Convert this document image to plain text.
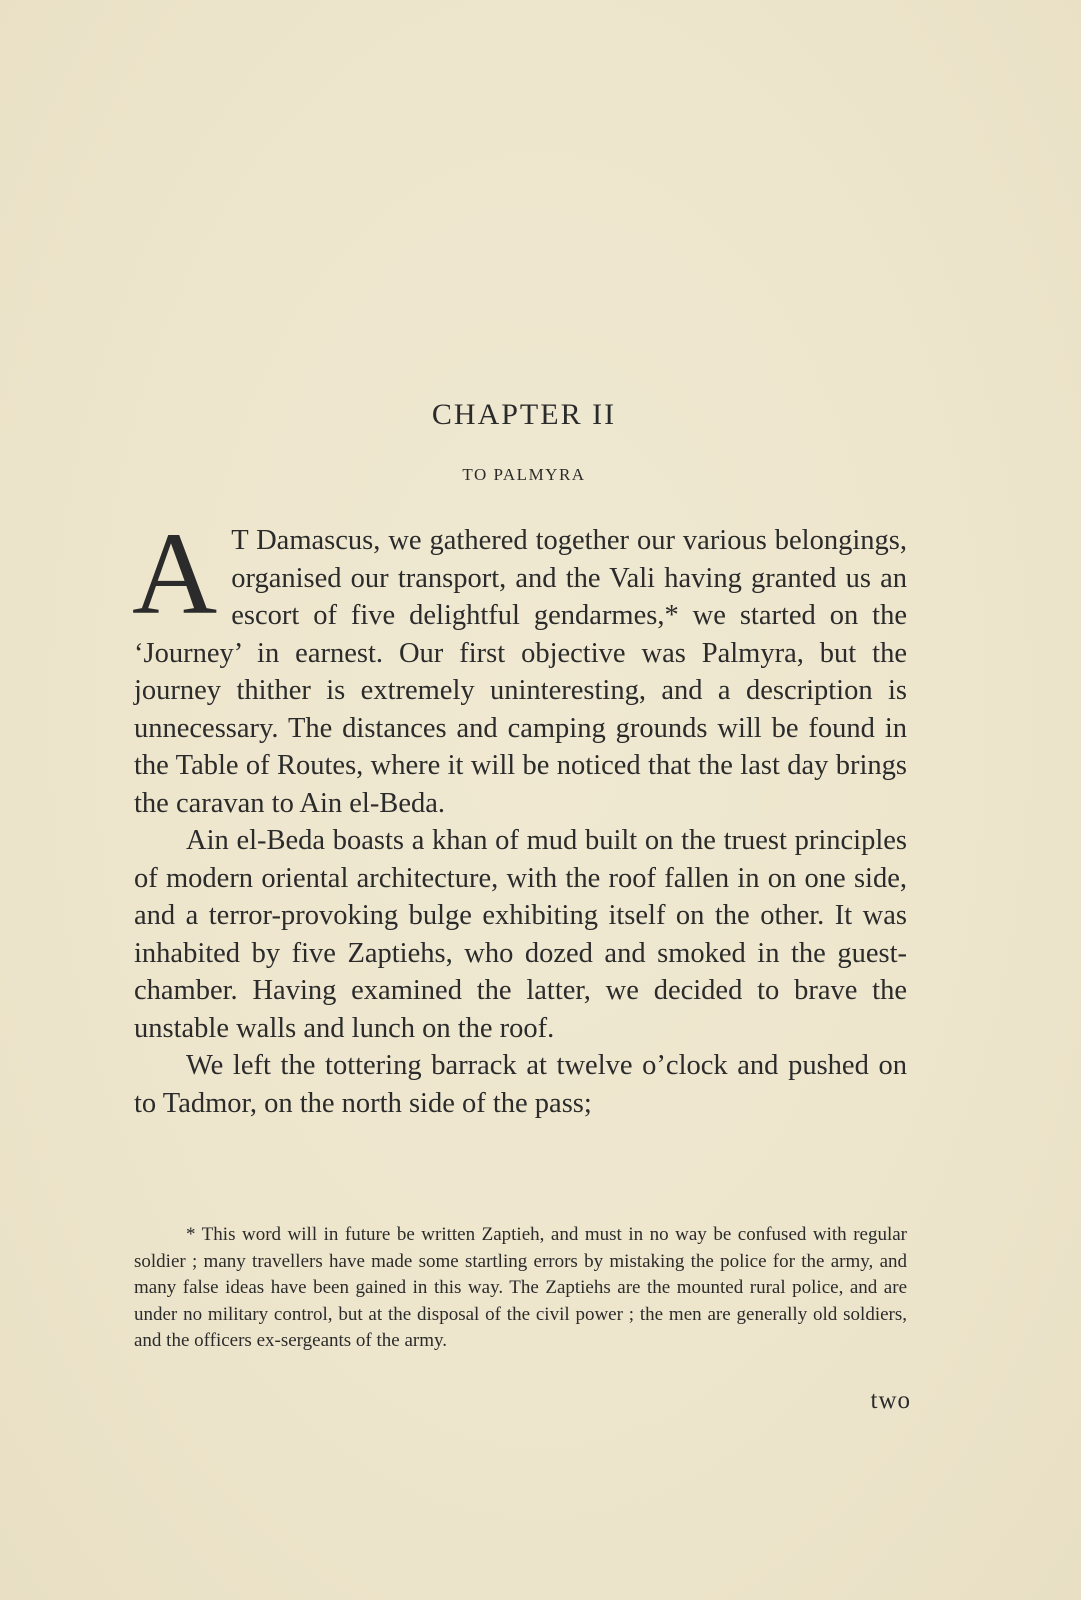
CHAPTER II
TO PALMYRA

A T Damascus, we gathered together our various belongings, organised our transport, and the Vali having granted us an escort of five delightful gendarmes,* we started on the ‘Journey’ in earnest. Our first objective was Palmyra, but the journey thither is extremely uninteresting, and a description is unnecessary. The distances and camping grounds will be found in the Table of Routes, where it will be noticed that the last day brings the caravan to Ain el-Beda.

Ain el-Beda boasts a khan of mud built on the truest principles of modern oriental architecture, with the roof fallen in on one side, and a terror-provoking bulge exhibiting itself on the other. It was inhabited by five Zaptiehs, who dozed and smoked in the guest-chamber. Having examined the latter, we decided to brave the unstable walls and lunch on the roof.

We left the tottering barrack at twelve o’clock and pushed on to Tadmor, on the north side of the pass;

* This word will in future be written Zaptieh, and must in no way be confused with regular soldier ; many travellers have made some startling errors by mistaking the police for the army, and many false ideas have been gained in this way. The Zaptiehs are the mounted rural police, and are under no military control, but at the disposal of the civil power ; the men are generally old soldiers, and the officers ex-sergeants of the army.

two
